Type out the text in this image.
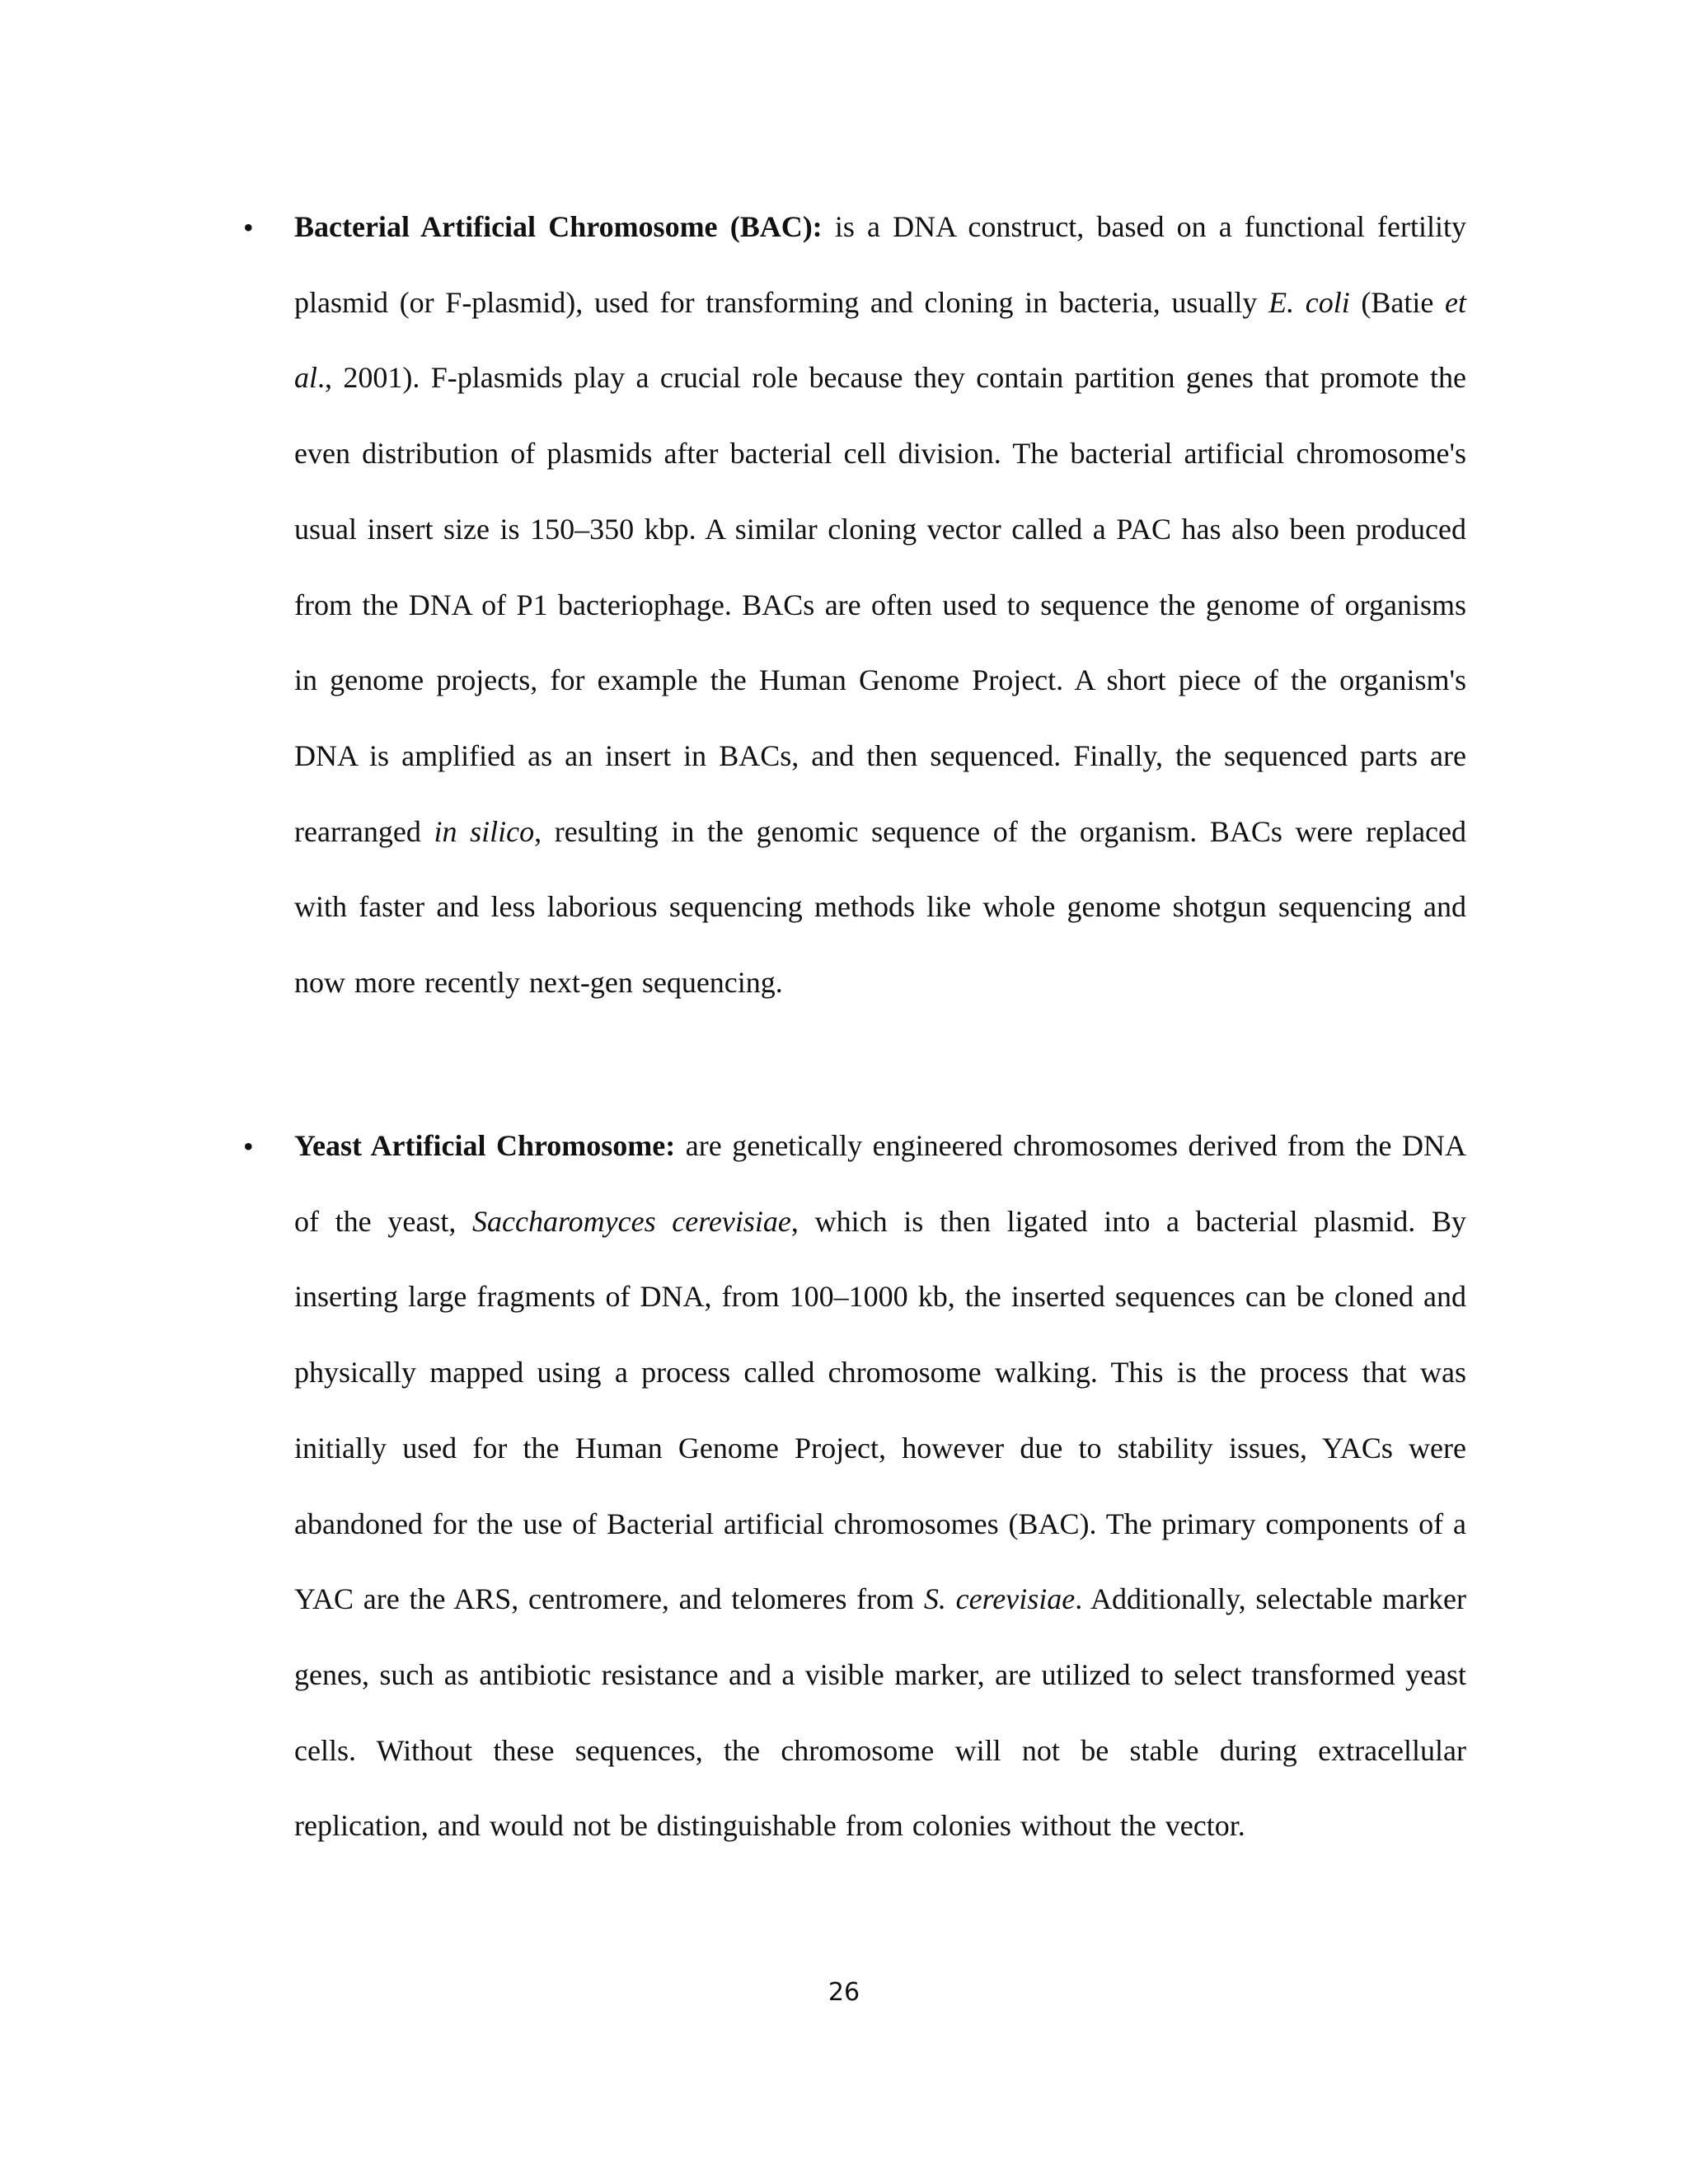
• Bacterial Artificial Chromosome (BAC): is a DNA construct, based on a functional fertility plasmid (or F-plasmid), used for transforming and cloning in bacteria, usually E. coli (Batie et al., 2001). F-plasmids play a crucial role because they contain partition genes that promote the even distribution of plasmids after bacterial cell division. The bacterial artificial chromosome's usual insert size is 150–350 kbp. A similar cloning vector called a PAC has also been produced from the DNA of P1 bacteriophage. BACs are often used to sequence the genome of organisms in genome projects, for example the Human Genome Project. A short piece of the organism's DNA is amplified as an insert in BACs, and then sequenced. Finally, the sequenced parts are rearranged in silico, resulting in the genomic sequence of the organism. BACs were replaced with faster and less laborious sequencing methods like whole genome shotgun sequencing and now more recently next-gen sequencing.

• Yeast Artificial Chromosome: are genetically engineered chromosomes derived from the DNA of the yeast, Saccharomyces cerevisiae, which is then ligated into a bacterial plasmid. By inserting large fragments of DNA, from 100–1000 kb, the inserted sequences can be cloned and physically mapped using a process called chromosome walking. This is the process that was initially used for the Human Genome Project, however due to stability issues, YACs were abandoned for the use of Bacterial artificial chromosomes (BAC). The primary components of a YAC are the ARS, centromere, and telomeres from S. cerevisiae. Additionally, selectable marker genes, such as antibiotic resistance and a visible marker, are utilized to select transformed yeast cells. Without these sequences, the chromosome will not be stable during extracellular replication, and would not be distinguishable from colonies without the vector.

26
